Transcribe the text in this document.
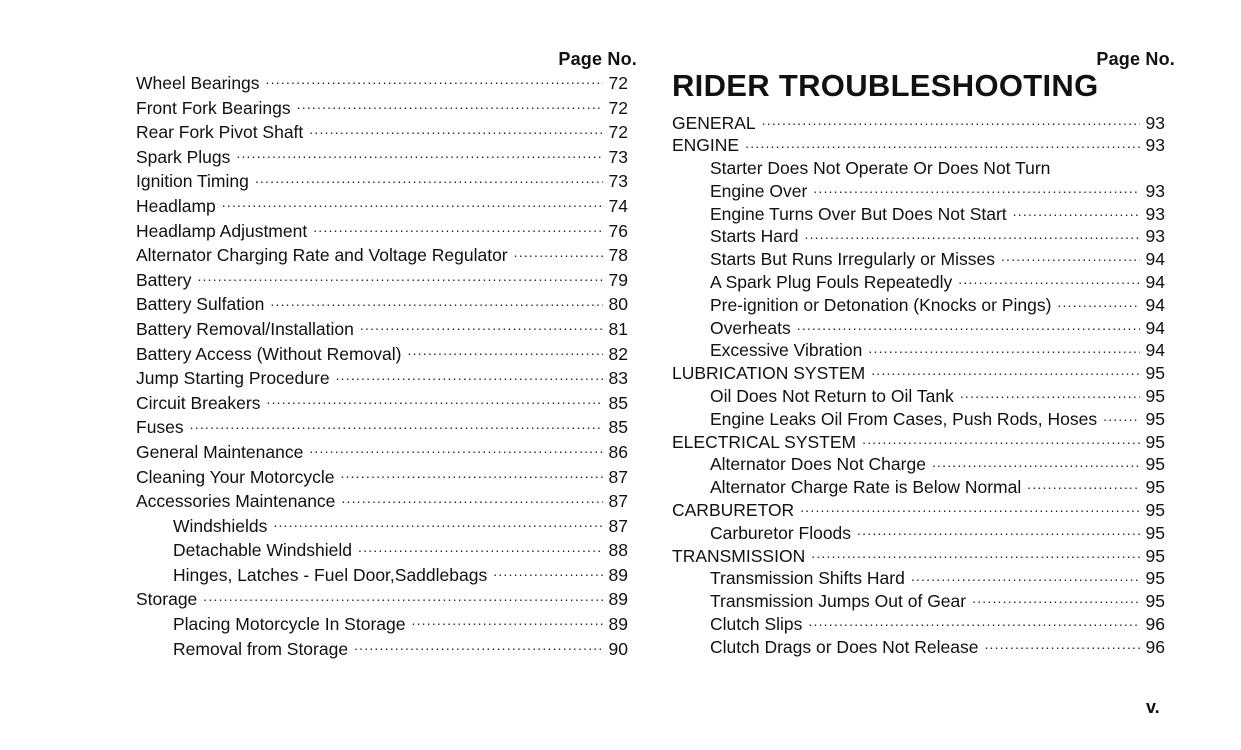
Page No.
Wheel Bearings .....	72
Front Fork Bearings .....	72
Rear Fork Pivot Shaft .....	72
Spark Plugs .....	73
Ignition Timing .....	73
Headlamp .....	74
Headlamp Adjustment .....	76
Alternator Charging Rate and Voltage Regulator .....	78
Battery .....	79
Battery Sulfation .....	80
Battery Removal/Installation .....	81
Battery Access (Without Removal) .....	82
Jump Starting Procedure .....	83
Circuit Breakers .....	85
Fuses .....	85
General Maintenance .....	86
Cleaning Your Motorcycle .....	87
Accessories Maintenance .....	87
Windshields .....	87
Detachable Windshield .....	88
Hinges, Latches - Fuel Door,Saddlebags .....	89
Storage .....	89
Placing Motorcycle In Storage .....	89
Removal from Storage .....	90
Page No.
RIDER TROUBLESHOOTING
GENERAL .....	93
ENGINE .....	93
Starter Does Not Operate Or Does Not Turn
Engine Over .....	93
Engine Turns Over But Does Not Start .....	93
Starts Hard .....	93
Starts But Runs Irregularly or Misses .....	94
A Spark Plug Fouls Repeatedly .....	94
Pre-ignition or Detonation (Knocks or Pings) .....	94
Overheats .....	94
Excessive Vibration .....	94
LUBRICATION SYSTEM .....	95
Oil Does Not Return to Oil Tank .....	95
Engine Leaks Oil From Cases, Push Rods, Hoses .....	95
ELECTRICAL SYSTEM .....	95
Alternator Does Not Charge .....	95
Alternator Charge Rate is Below Normal .....	95
CARBURETOR .....	95
Carburetor Floods .....	95
TRANSMISSION .....	95
Transmission Shifts Hard .....	95
Transmission Jumps Out of Gear .....	95
Clutch Slips .....	96
Clutch Drags or Does Not Release .....	96
v.
